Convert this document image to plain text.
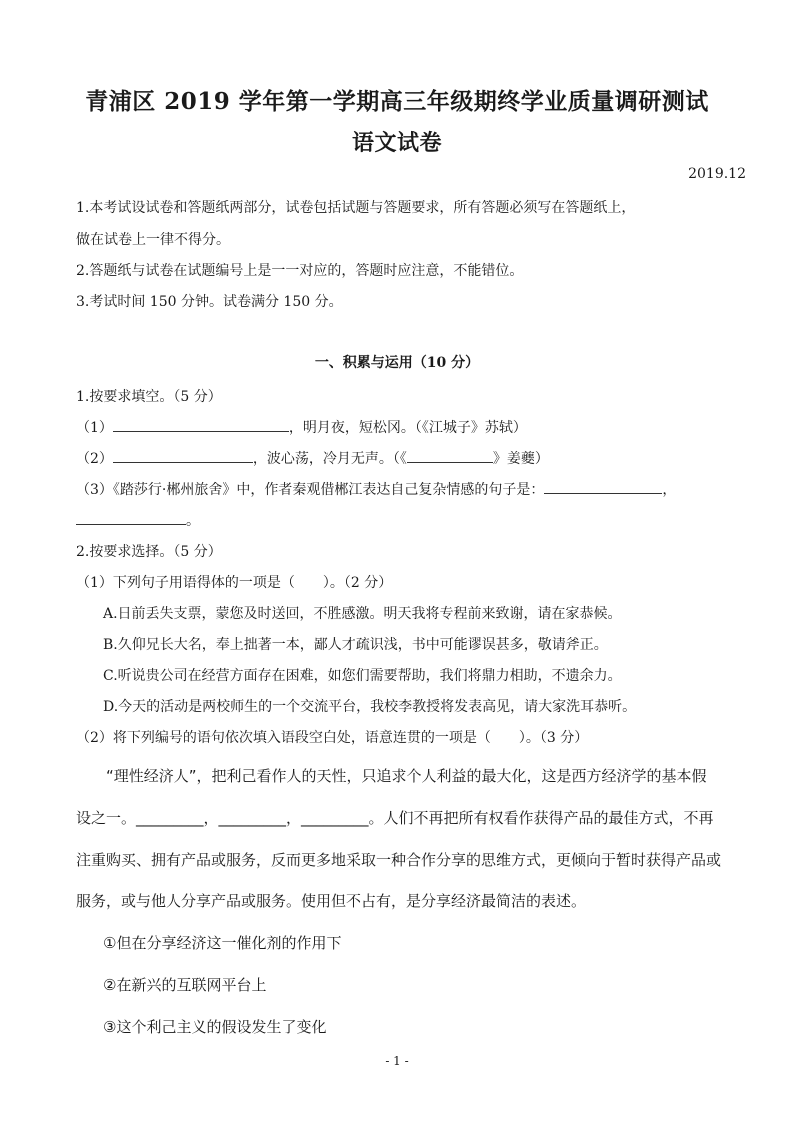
青浦区 2019 学年第一学期高三年级期终学业质量调研测试
语文试卷
2019.12
1.本考试设试卷和答题纸两部分，试卷包括试题与答题要求，所有答题必须写在答题纸上，
做在试卷上一律不得分。
2.答题纸与试卷在试题编号上是一一对应的，答题时应注意，不能错位。
3.考试时间 150 分钟。试卷满分 150 分。
一、积累与运用（10 分）
1.按要求填空。（5 分）
（1）	，明月夜，短松冈。（《江城子》苏轼）
（2）	，波心荡，冷月无声。（《	》姜夔）
（3）《踏莎行·郴州旅舍》中，作者秦观借郴江表达自己复杂情感的句子是：	，
。
2.按要求选择。（5 分）
（1）下列句子用语得体的一项是（　　）。（2 分）
A.日前丢失支票，蒙您及时送回，不胜感激。明天我将专程前来致谢，请在家恭候。
B.久仰兄长大名，奉上拙著一本，鄙人才疏识浅，书中可能谬误甚多，敬请斧正。
C.听说贵公司在经营方面存在困难，如您们需要帮助，我们将鼎力相助，不遗余力。
D.今天的活动是两校师生的一个交流平台，我校李教授将发表高见，请大家洗耳恭听。
（2）将下列编号的语句依次填入语段空白处，语意连贯的一项是（　　）。（3 分）
“理性经济人”，把利己看作人的天性，只追求个人利益的最大化，这是西方经济学的基本假
设之一。_________，_________，_________。人们不再把所有权看作获得产品的最佳方式，不再
注重购买、拥有产品或服务，反而更多地采取一种合作分享的思维方式，更倾向于暂时获得产品或
服务，或与他人分享产品或服务。使用但不占有，是分享经济最简洁的表述。
①但在分享经济这一催化剂的作用下
②在新兴的互联网平台上
③这个利己主义的假设发生了变化
- 1 -
